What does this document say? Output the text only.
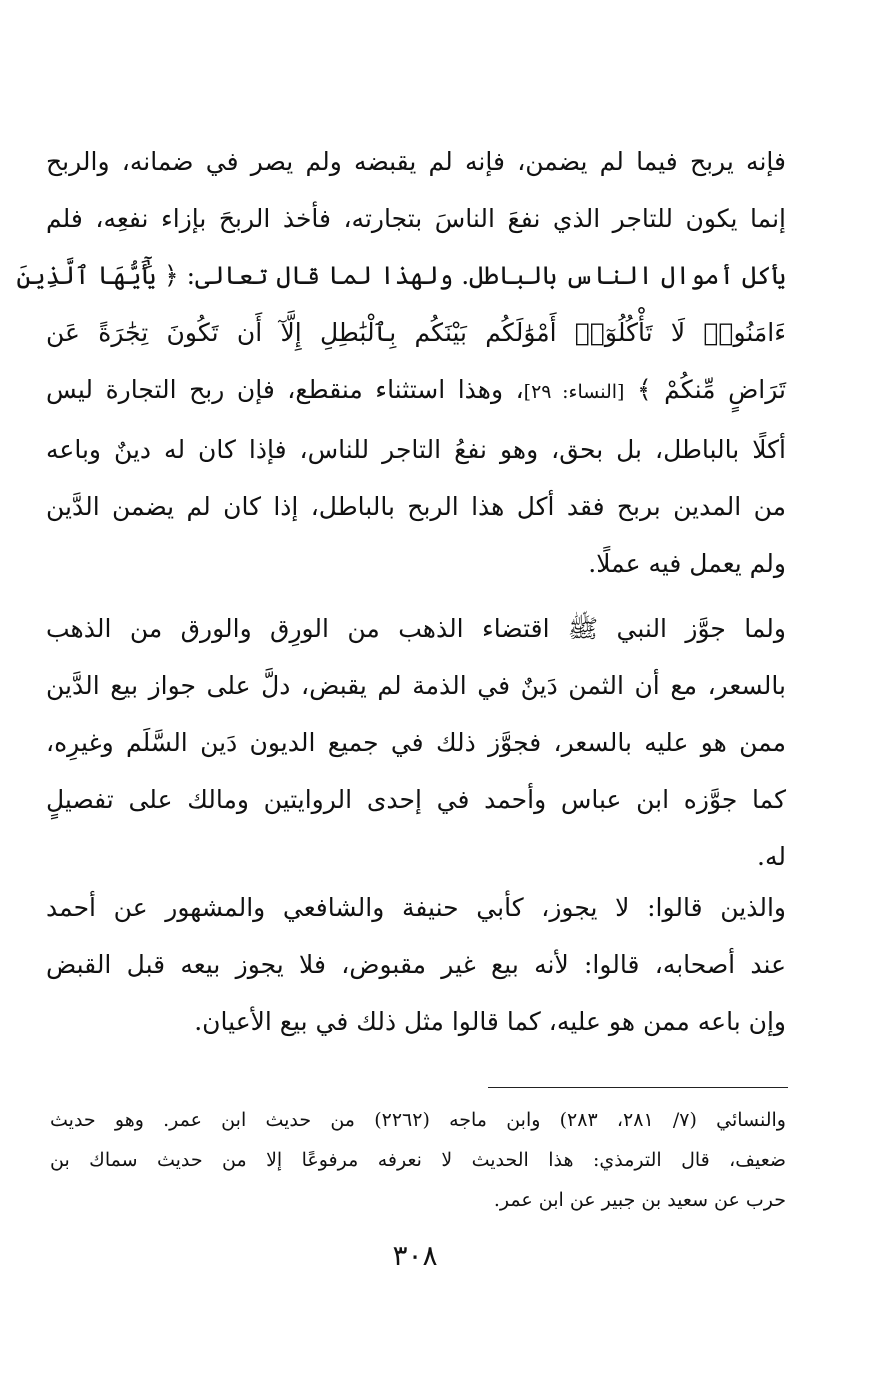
فإنه يربح فيما لم يضمن، فإنه لم يقبضه ولم يصر في ضمانه، والربح
إنما يكون للتاجر الذي نفعَ الناسَ بتجارته، فأخذ الربحَ بإزاء نفعِه، فلم
يأكل أموال الناس بالباطل. ولهذا لما قال تعالى: ﴿ يَٰٓأَيُّهَا ٱلَّذِينَ
ءَامَنُوا۟ لَا تَأْكُلُوٓا۟ أَمْوَٰلَكُم بَيْنَكُم بِٱلْبَٰطِلِ إِلَّآ أَن تَكُونَ تِجَٰرَةً عَن
تَرَاضٍ مِّنكُمْ ﴾ [النساء: ٢٩]، وهذا استثناء منقطع، فإن ربح التجارة ليس
أكلًا بالباطل، بل بحق، وهو نفعُ التاجر للناس، فإذا كان له دينٌ وباعه
من المدين بربح فقد أكل هذا الربح بالباطل، إذا كان لم يضمن الدَّين
ولم يعمل فيه عملًا.
ولما جوَّز النبي ﷺ اقتضاء الذهب من الورِق والورق من الذهب
بالسعر، مع أن الثمن دَينٌ في الذمة لم يقبض، دلَّ على جواز بيع الدَّين
ممن هو عليه بالسعر، فجوَّز ذلك في جميع الديون دَين السَّلَم وغيرِه،
كما جوَّزه ابن عباس وأحمد في إحدى الروايتين ومالك على تفصيلٍ
له.
والذين قالوا: لا يجوز، كأبي حنيفة والشافعي والمشهور عن أحمد
عند أصحابه، قالوا: لأنه بيع غير مقبوض، فلا يجوز بيعه قبل القبض
وإن باعه ممن هو عليه، كما قالوا مثل ذلك في بيع الأعيان.
والنسائي (٧/ ٢٨١، ٢٨٣) وابن ماجه (٢٢٦٢) من حديث ابن عمر. وهو حديث
ضعيف، قال الترمذي: هذا الحديث لا نعرفه مرفوعًا إلا من حديث سماك بن
حرب عن سعيد بن جبير عن ابن عمر.
٣٠٨
